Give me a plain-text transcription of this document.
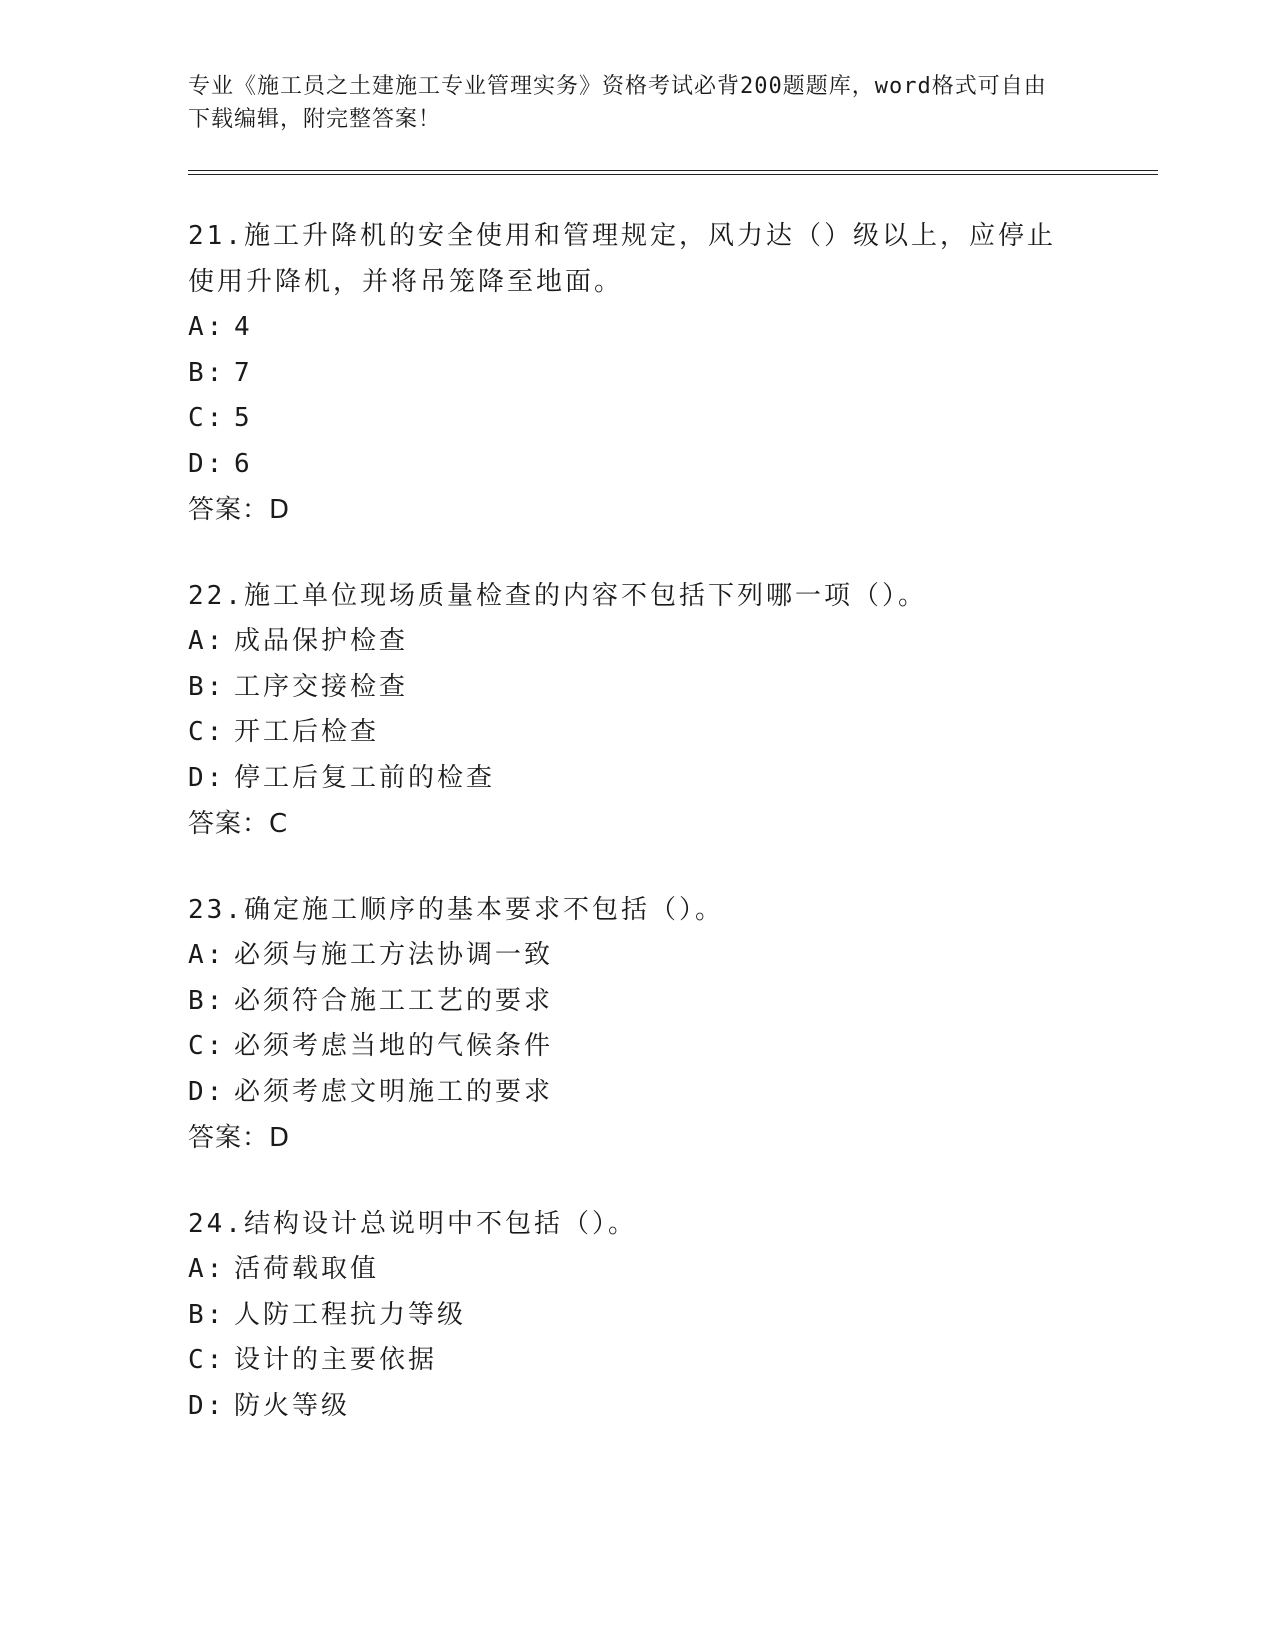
专业《施工员之土建施工专业管理实务》资格考试必背200题题库，word格式可自由下载编辑，附完整答案！
21.施工升降机的安全使用和管理规定，风力达（）级以上，应停止使用升降机，并将吊笼降至地面。
A: 4
B: 7
C: 5
D: 6
答案：D
22.施工单位现场质量检查的内容不包括下列哪一项（）。
A: 成品保护检查
B: 工序交接检查
C: 开工后检查
D: 停工后复工前的检查
答案：C
23.确定施工顺序的基本要求不包括（）。
A: 必须与施工方法协调一致
B: 必须符合施工工艺的要求
C: 必须考虑当地的气候条件
D: 必须考虑文明施工的要求
答案：D
24.结构设计总说明中不包括（）。
A: 活荷载取值
B: 人防工程抗力等级
C: 设计的主要依据
D: 防火等级
